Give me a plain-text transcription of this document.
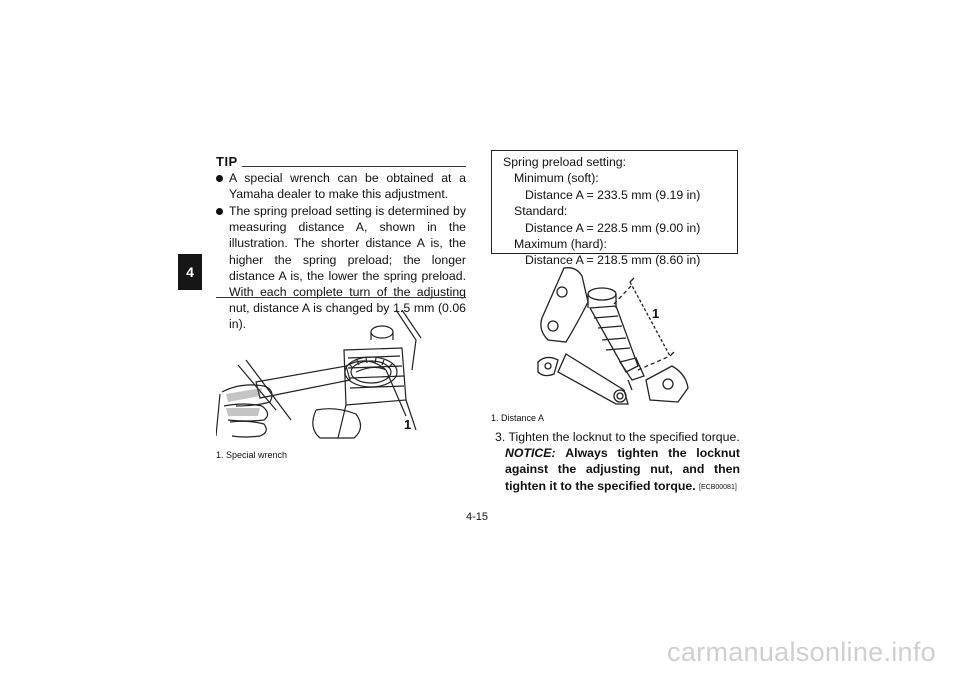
4
TIP
A special wrench can be obtained at a Yamaha dealer to make this adjustment.
The spring preload setting is determined by measuring distance A, shown in the illustration. The shorter distance A is, the higher the spring preload; the longer distance A is, the lower the spring preload. With each complete turn of the adjusting nut, distance A is changed by 1.5 mm (0.06 in).
1
1. Special wrench
Spring preload setting:
Minimum (soft):
Distance A = 233.5 mm (9.19 in)
Standard:
Distance A = 228.5 mm (9.00 in)
Maximum (hard):
Distance A = 218.5 mm (8.60 in)
1
1. Distance A
3. Tighten the locknut to the specified torque.
NOTICE: Always tighten the locknut against the adjusting nut, and then tighten it to the specified torque. [ECB00081]
4-15
carmanualsonline.info
